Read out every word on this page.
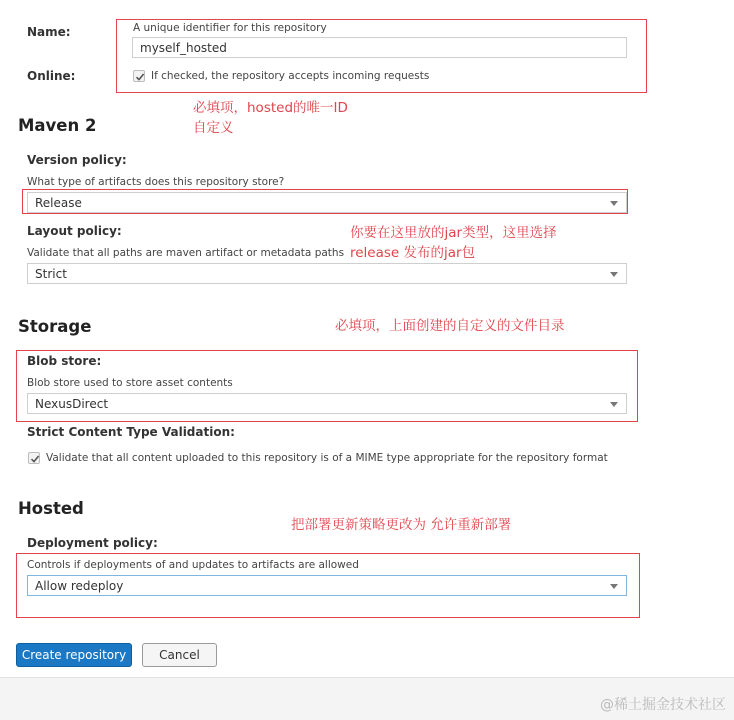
Name:	A unique identifier for this repository
myself_hosted
Online:	If checked, the repository accepts incoming requests
Maven 2
Version policy:
What type of artifacts does this repository store?
Release
Layout policy:
Validate that all paths are maven artifact or metadata paths
Strict
Storage
Blob store:
Blob store used to store asset contents
NexusDirect
Strict Content Type Validation:
Validate that all content uploaded to this repository is of a MIME type appropriate for the repository format
Hosted
Deployment policy:
Controls if deployments of and updates to artifacts are allowed
Allow redeploy
Create repository	Cancel
必填项，hosted的唯一ID
自定义
你要在这里放的jar类型，这里选择
release 发布的jar包
必填项，上面创建的自定义的文件目录
把部署更新策略更改为 允许重新部署
@稀土掘金技术社区
